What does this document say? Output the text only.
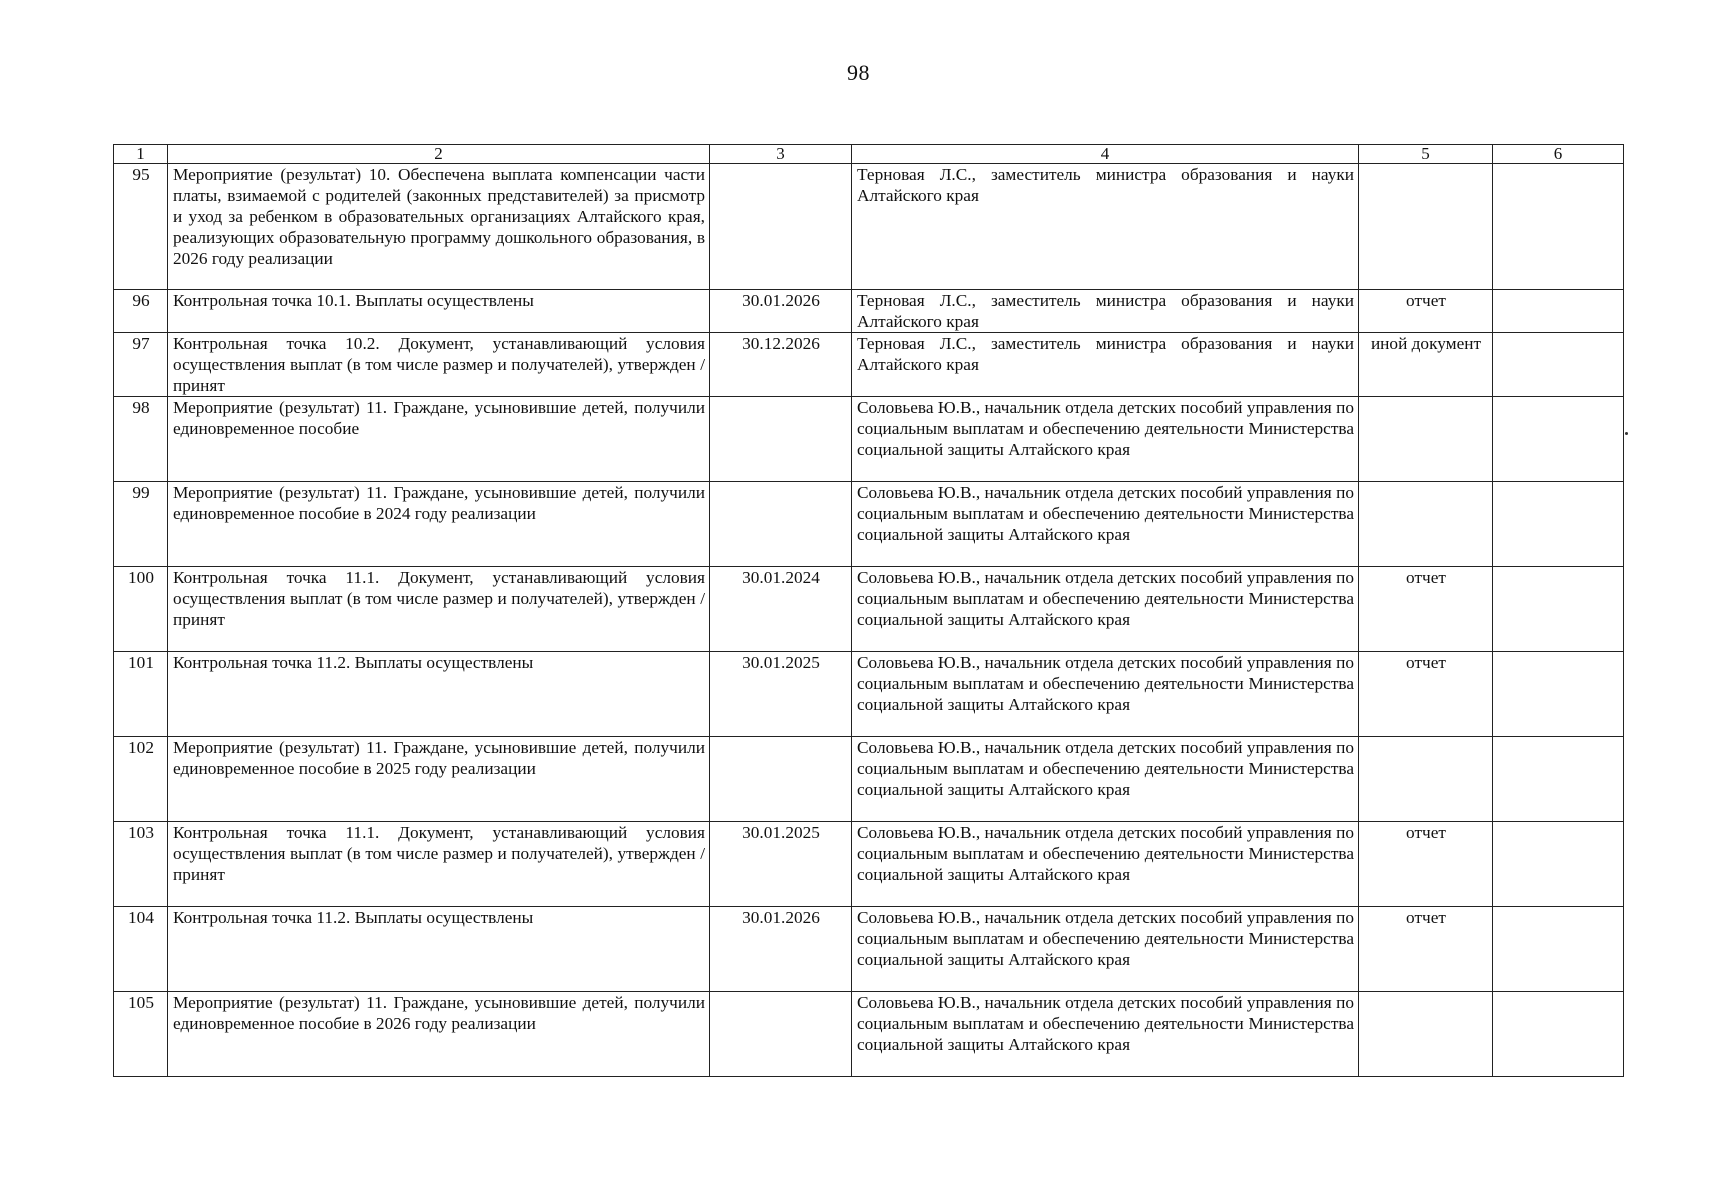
98
1	2	3	4	5	6
95	Мероприятие (результат) 10. Обеспечена выплата компенсации части платы, взимаемой с родителей (законных представителей) за присмотр и уход за ребенком в образовательных организациях Алтайского края, реализующих образовательную программу дошкольного образования, в 2026 году реализации		Терновая Л.С., заместитель министра образования и науки Алтайского края		
96	Контрольная точка 10.1. Выплаты осуществлены	30.01.2026	Терновая Л.С., заместитель министра образования и науки Алтайского края	отчет	
97	Контрольная точка 10.2. Документ, устанавливающий условия осуществления выплат (в том числе размер и получателей), утвержден / принят	30.12.2026	Терновая Л.С., заместитель министра образования и науки Алтайского края	иной документ	
98	Мероприятие (результат) 11. Граждане, усыновившие детей, получили единовременное пособие		Соловьева Ю.В., начальник отдела детских пособий управления по социальным выплатам и обеспечению деятельности Министерства социальной защиты Алтайского края		
99	Мероприятие (результат) 11. Граждане, усыновившие детей, получили единовременное пособие в 2024 году реализации		Соловьева Ю.В., начальник отдела детских пособий управления по социальным выплатам и обеспечению деятельности Министерства социальной защиты Алтайского края		
100	Контрольная точка 11.1. Документ, устанавливающий условия осуществления выплат (в том числе размер и получателей), утвержден / принят	30.01.2024	Соловьева Ю.В., начальник отдела детских пособий управления по социальным выплатам и обеспечению деятельности Министерства социальной защиты Алтайского края	отчет	
101	Контрольная точка 11.2. Выплаты осуществлены	30.01.2025	Соловьева Ю.В., начальник отдела детских пособий управления по социальным выплатам и обеспечению деятельности Министерства социальной защиты Алтайского края	отчет	
102	Мероприятие (результат) 11. Граждане, усыновившие детей, получили единовременное пособие в 2025 году реализации		Соловьева Ю.В., начальник отдела детских пособий управления по социальным выплатам и обеспечению деятельности Министерства социальной защиты Алтайского края		
103	Контрольная точка 11.1. Документ, устанавливающий условия осуществления выплат (в том числе размер и получателей), утвержден / принят	30.01.2025	Соловьева Ю.В., начальник отдела детских пособий управления по социальным выплатам и обеспечению деятельности Министерства социальной защиты Алтайского края	отчет	
104	Контрольная точка 11.2. Выплаты осуществлены	30.01.2026	Соловьева Ю.В., начальник отдела детских пособий управления по социальным выплатам и обеспечению деятельности Министерства социальной защиты Алтайского края	отчет	
105	Мероприятие (результат) 11. Граждане, усыновившие детей, получили единовременное пособие в 2026 году реализации		Соловьева Ю.В., начальник отдела детских пособий управления по социальным выплатам и обеспечению деятельности Министерства социальной защиты Алтайского края		
